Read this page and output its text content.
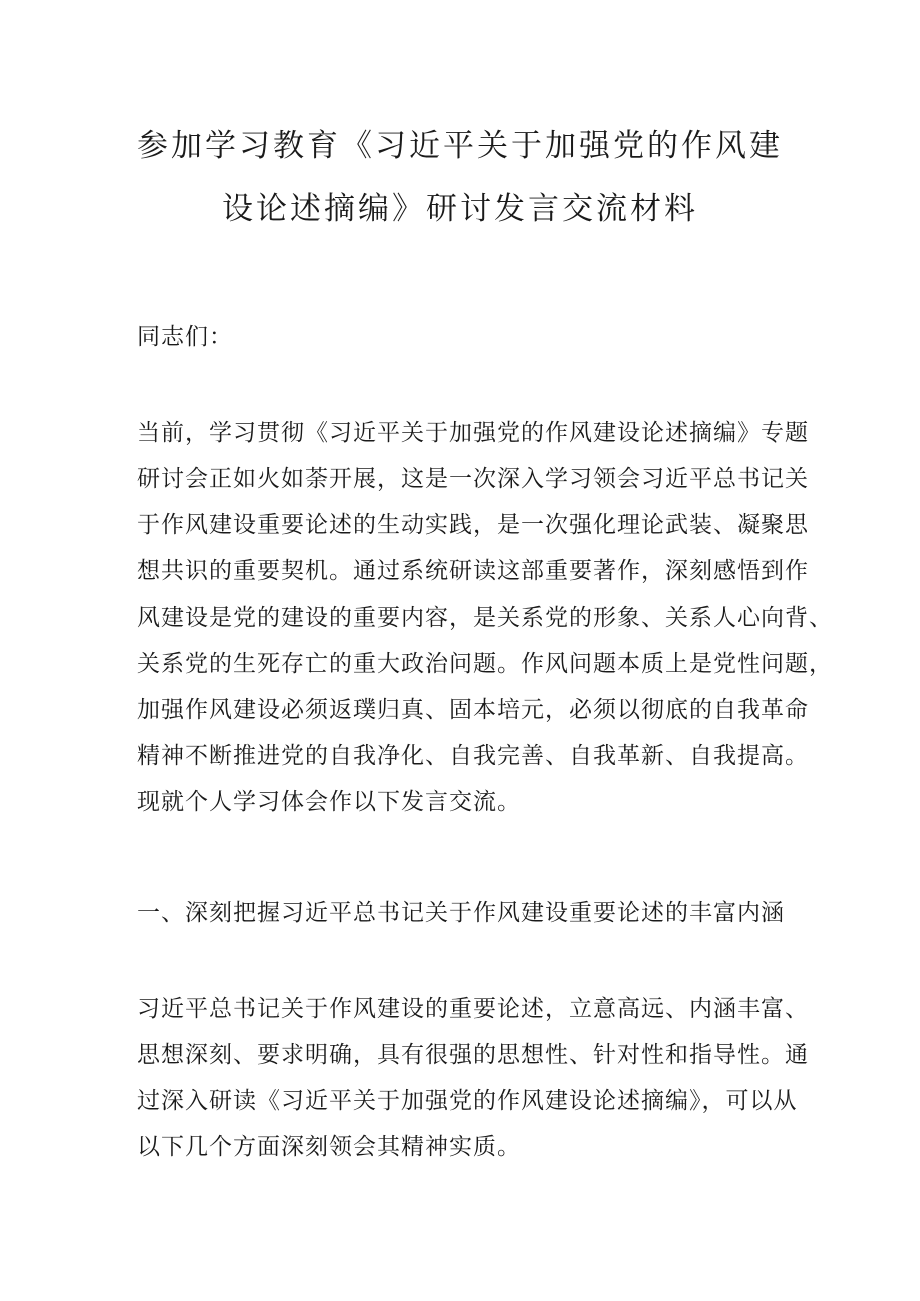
参加学习教育《习近平关于加强党的作风建
设论述摘编》研讨发言交流材料
同志们：
当前，学习贯彻《习近平关于加强党的作风建设论述摘编》专题
研讨会正如火如荼开展，这是一次深入学习领会习近平总书记关
于作风建设重要论述的生动实践，是一次强化理论武装、凝聚思
想共识的重要契机。通过系统研读这部重要著作，深刻感悟到作
风建设是党的建设的重要内容，是关系党的形象、关系人心向背、
关系党的生死存亡的重大政治问题。作风问题本质上是党性问题，
加强作风建设必须返璞归真、固本培元，必须以彻底的自我革命
精神不断推进党的自我净化、自我完善、自我革新、自我提高。
现就个人学习体会作以下发言交流。
一、深刻把握习近平总书记关于作风建设重要论述的丰富内涵
习近平总书记关于作风建设的重要论述，立意高远、内涵丰富、
思想深刻、要求明确，具有很强的思想性、针对性和指导性。通
过深入研读《习近平关于加强党的作风建设论述摘编》，可以从
以下几个方面深刻领会其精神实质。
